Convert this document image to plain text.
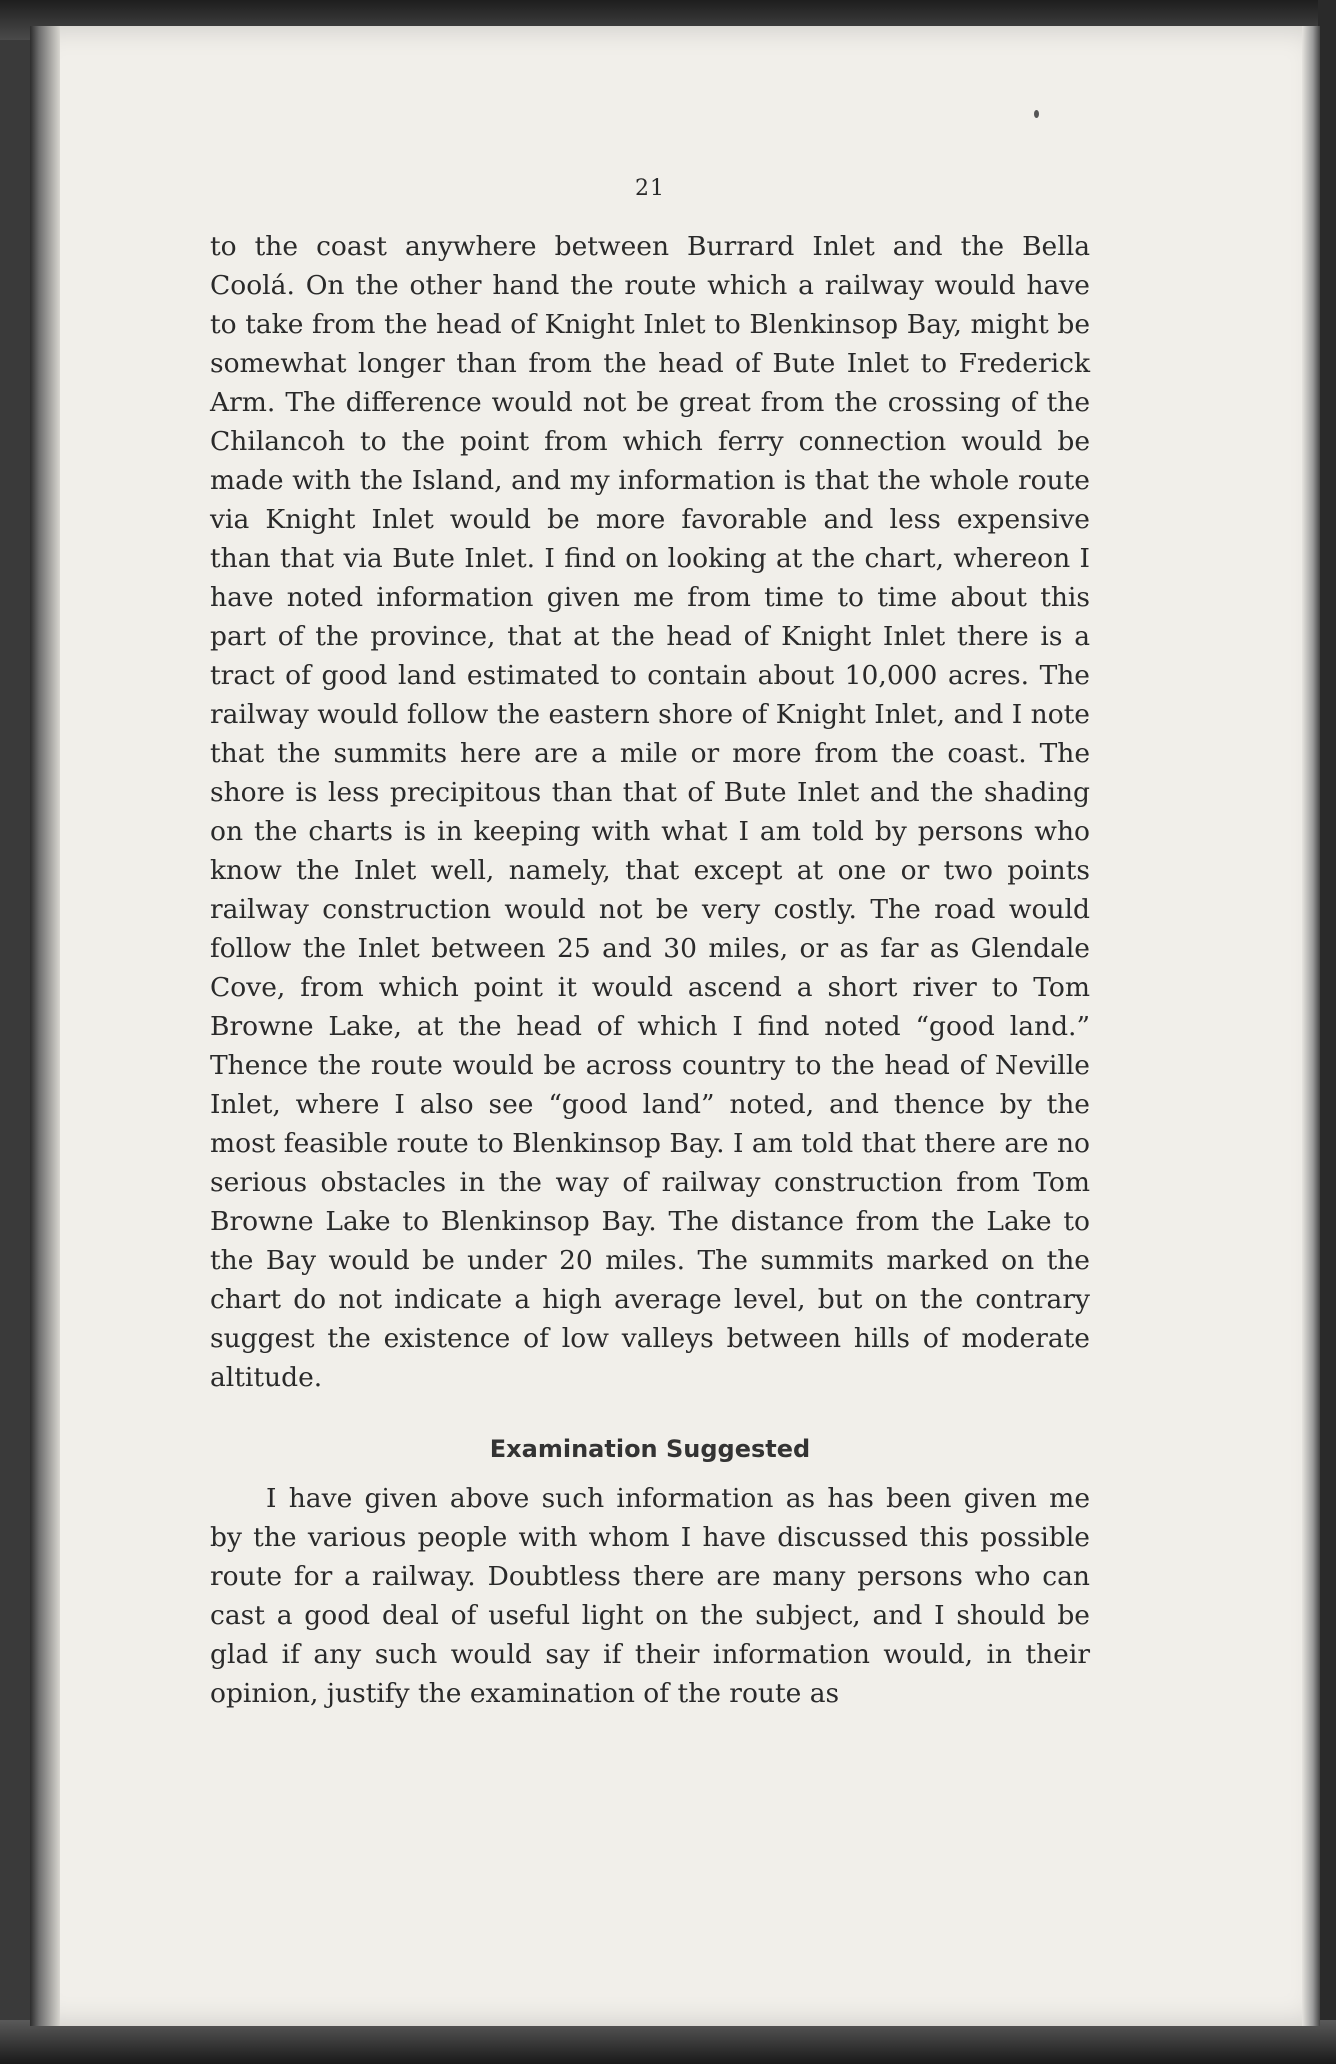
21

to the coast anywhere between Burrard Inlet and the Bella Coolá. On the other hand the route which a railway would have to take from the head of Knight Inlet to Blenkinsop Bay, might be somewhat longer than from the head of Bute Inlet to Frederick Arm. The difference would not be great from the crossing of the Chilancoh to the point from which ferry connection would be made with the Island, and my information is that the whole route via Knight Inlet would be more favorable and less expensive than that via Bute Inlet. I find on looking at the chart, whereon I have noted information given me from time to time about this part of the province, that at the head of Knight Inlet there is a tract of good land estimated to contain about 10,000 acres. The railway would follow the eastern shore of Knight Inlet, and I note that the summits here are a mile or more from the coast. The shore is less precipitous than that of Bute Inlet and the shading on the charts is in keeping with what I am told by persons who know the Inlet well, namely, that except at one or two points railway construction would not be very costly. The road would follow the Inlet between 25 and 30 miles, or as far as Glendale Cove, from which point it would ascend a short river to Tom Browne Lake, at the head of which I find noted “good land.” Thence the route would be across country to the head of Neville Inlet, where I also see “good land” noted, and thence by the most feasible route to Blenkinsop Bay. I am told that there are no serious obstacles in the way of railway construction from Tom Browne Lake to Blenkinsop Bay. The distance from the Lake to the Bay would be under 20 miles. The summits marked on the chart do not indicate a high average level, but on the contrary suggest the existence of low valleys between hills of moderate altitude.

Examination Suggested

I have given above such information as has been given me by the various people with whom I have discussed this possible route for a railway. Doubtless there are many persons who can cast a good deal of useful light on the subject, and I should be glad if any such would say if their information would, in their opinion, justify the examination of the route as
